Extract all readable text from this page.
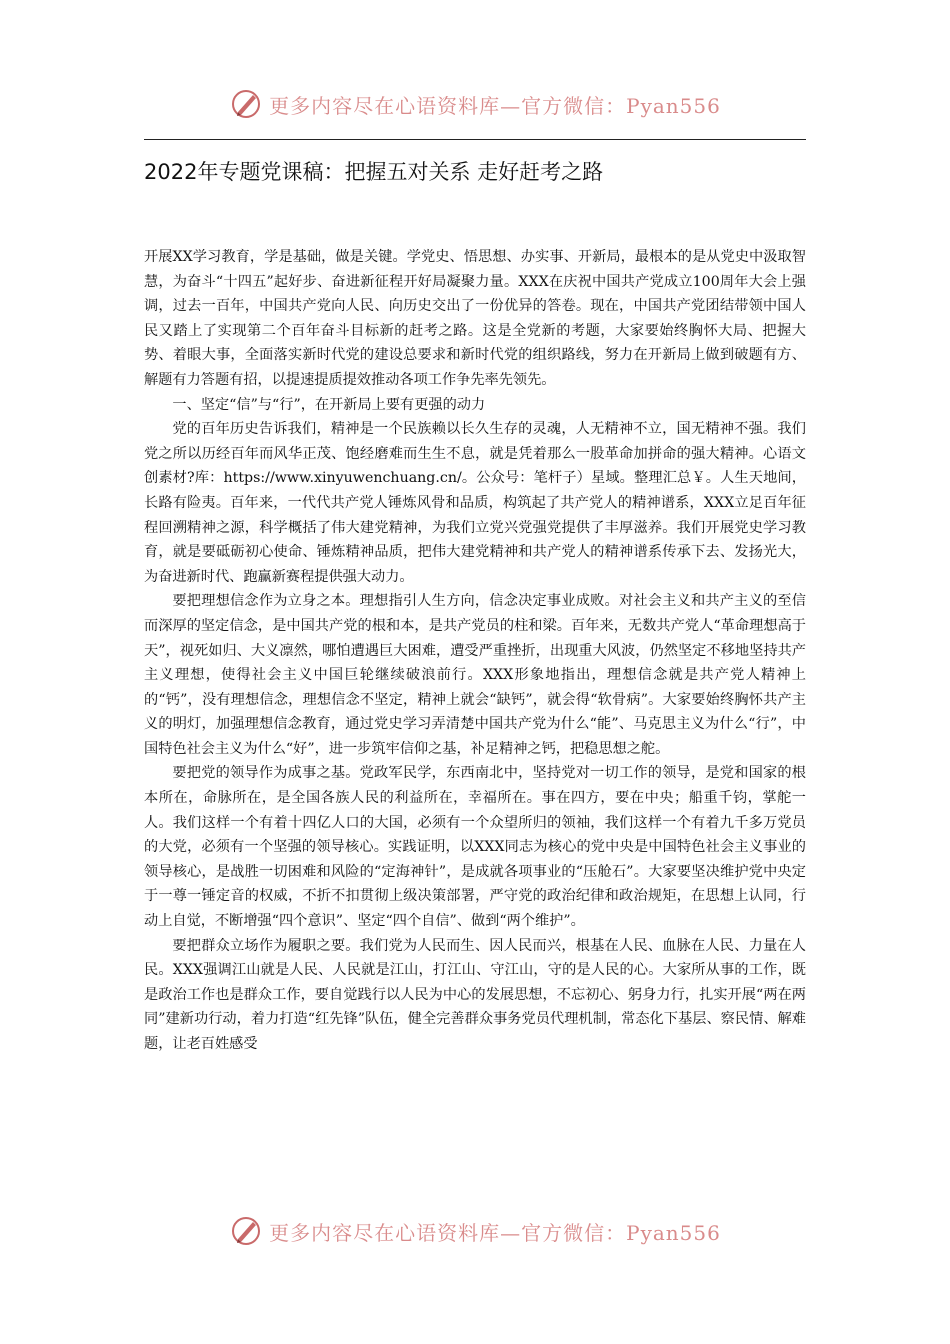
更多内容尽在心语资料库—官方微信：Pyan556
2022年专题党课稿：把握五对关系 走好赶考之路

开展XX学习教育，学是基础，做是关键。学党史、悟思想、办实事、开新局，最根本的是从党史中汲取智慧，为奋斗“十四五”起好步、奋进新征程开好局凝聚力量。XXX在庆祝中国共产党成立100周年大会上强调，过去一百年，中国共产党向人民、向历史交出了一份优异的答卷。现在，中国共产党团结带领中国人民又踏上了实现第二个百年奋斗目标新的赶考之路。这是全党新的考题，大家要始终胸怀大局、把握大势、着眼大事，全面落实新时代党的建设总要求和新时代党的组织路线，努力在开新局上做到破题有方、解题有力答题有招，以提速提质提效推动各项工作争先率先领先。

一、坚定“信”与“行”，在开新局上要有更强的动力

党的百年历史告诉我们，精神是一个民族赖以长久生存的灵魂，人无精神不立，国无精神不强。我们党之所以历经百年而风华正茂、饱经磨难而生生不息，就是凭着那么一股革命加拼命的强大精神。心语文创素材?库：https://www.xinyuwenchuang.cn/。公众号：笔杆子）星域。整理汇总￥。人生天地间，长路有险夷。百年来，一代代共产党人锤炼风骨和品质，构筑起了共产党人的精神谱系，XXX立足百年征程回溯精神之源，科学概括了伟大建党精神，为我们立党兴党强党提供了丰厚滋养。我们开展党史学习教育，就是要砥砺初心使命、锤炼精神品质，把伟大建党精神和共产党人的精神谱系传承下去、发扬光大，为奋进新时代、跑赢新赛程提供强大动力。

要把理想信念作为立身之本。理想指引人生方向，信念决定事业成败。对社会主义和共产主义的至信而深厚的坚定信念，是中国共产党的根和本，是共产党员的柱和梁。百年来，无数共产党人“革命理想高于天”，视死如归、大义凛然，哪怕遭遇巨大困难，遭受严重挫折，出现重大风波，仍然坚定不移地坚持共产主义理想，使得社会主义中国巨轮继续破浪前行。XXX形象地指出，理想信念就是共产党人精神上的“钙”，没有理想信念，理想信念不坚定，精神上就会“缺钙”，就会得“软骨病”。大家要始终胸怀共产主义的明灯，加强理想信念教育，通过党史学习弄清楚中国共产党为什么“能”、马克思主义为什么“行”，中国特色社会主义为什么“好”，进一步筑牢信仰之基，补足精神之钙，把稳思想之舵。

要把党的领导作为成事之基。党政军民学，东西南北中，坚持党对一切工作的领导，是党和国家的根本所在，命脉所在，是全国各族人民的利益所在，幸福所在。事在四方，要在中央；船重千钧，掌舵一人。我们这样一个有着十四亿人口的大国，必须有一个众望所归的领袖，我们这样一个有着九千多万党员的大党，必须有一个坚强的领导核心。实践证明，以XXX同志为核心的党中央是中国特色社会主义事业的领导核心，是战胜一切困难和风险的“定海神针”，是成就各项事业的“压舱石”。大家要坚决维护党中央定于一尊一锤定音的权威，不折不扣贯彻上级决策部署，严守党的政治纪律和政治规矩，在思想上认同，行动上自觉，不断增强“四个意识”、坚定“四个自信”、做到“两个维护”。

要把群众立场作为履职之要。我们党为人民而生、因人民而兴，根基在人民、血脉在人民、力量在人民。XXX强调江山就是人民、人民就是江山，打江山、守江山，守的是人民的心。大家所从事的工作，既是政治工作也是群众工作，要自觉践行以人民为中心的发展思想，不忘初心、躬身力行，扎实开展“两在两同”建新功行动，着力打造“红先锋”队伍，健全完善群众事务党员代理机制，常态化下基层、察民情、解难题，让老百姓感受

更多内容尽在心语资料库—官方微信：Pyan556
